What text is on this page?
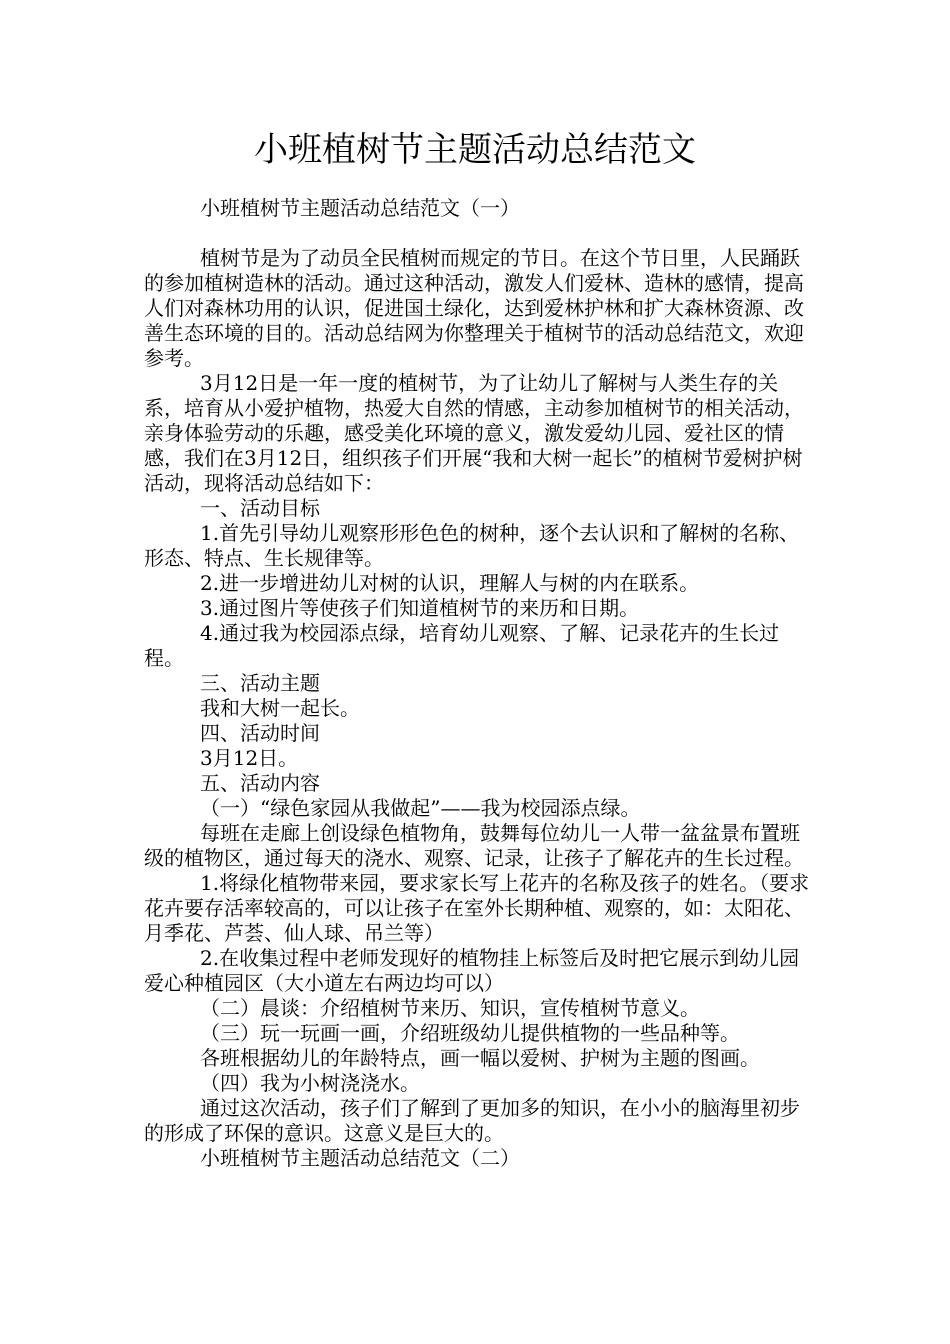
小班植树节主题活动总结范文

小班植树节主题活动总结范文（一）

植树节是为了动员全民植树而规定的节日。在这个节日里，人民踊跃的参加植树造林的活动。通过这种活动，激发人们爱林、造林的感情，提高人们对森林功用的认识，促进国土绿化，达到爱林护林和扩大森林资源、改善生态环境的目的。活动总结网为你整理关于植树节的活动总结范文，欢迎参考。

3月12日是一年一度的植树节，为了让幼儿了解树与人类生存的关系，培育从小爱护植物，热爱大自然的情感，主动参加植树节的相关活动，亲身体验劳动的乐趣，感受美化环境的意义，激发爱幼儿园、爱社区的情感，我们在3月12日，组织孩子们开展“我和大树一起长”的植树节爱树护树活动，现将活动总结如下：

一、活动目标

1.首先引导幼儿观察形形色色的树种，逐个去认识和了解树的名称、形态、特点、生长规律等。

2.进一步增进幼儿对树的认识，理解人与树的内在联系。

3.通过图片等使孩子们知道植树节的来历和日期。

4.通过我为校园添点绿，培育幼儿观察、了解、记录花卉的生长过程。

三、活动主题

我和大树一起长。

四、活动时间

3月12日。

五、活动内容

（一）“绿色家园从我做起”——我为校园添点绿。

每班在走廊上创设绿色植物角，鼓舞每位幼儿一人带一盆盆景布置班级的植物区，通过每天的浇水、观察、记录，让孩子了解花卉的生长过程。

1.将绿化植物带来园，要求家长写上花卉的名称及孩子的姓名。（要求花卉要存活率较高的，可以让孩子在室外长期种植、观察的，如：太阳花、月季花、芦荟、仙人球、吊兰等）

2.在收集过程中老师发现好的植物挂上标签后及时把它展示到幼儿园爱心种植园区（大小道左右两边均可以）

（二）晨谈：介绍植树节来历、知识，宣传植树节意义。

（三）玩一玩画一画，介绍班级幼儿提供植物的一些品种等。

各班根据幼儿的年龄特点，画一幅以爱树、护树为主题的图画。

（四）我为小树浇浇水。

通过这次活动，孩子们了解到了更加多的知识，在小小的脑海里初步的形成了环保的意识。这意义是巨大的。

小班植树节主题活动总结范文（二）
